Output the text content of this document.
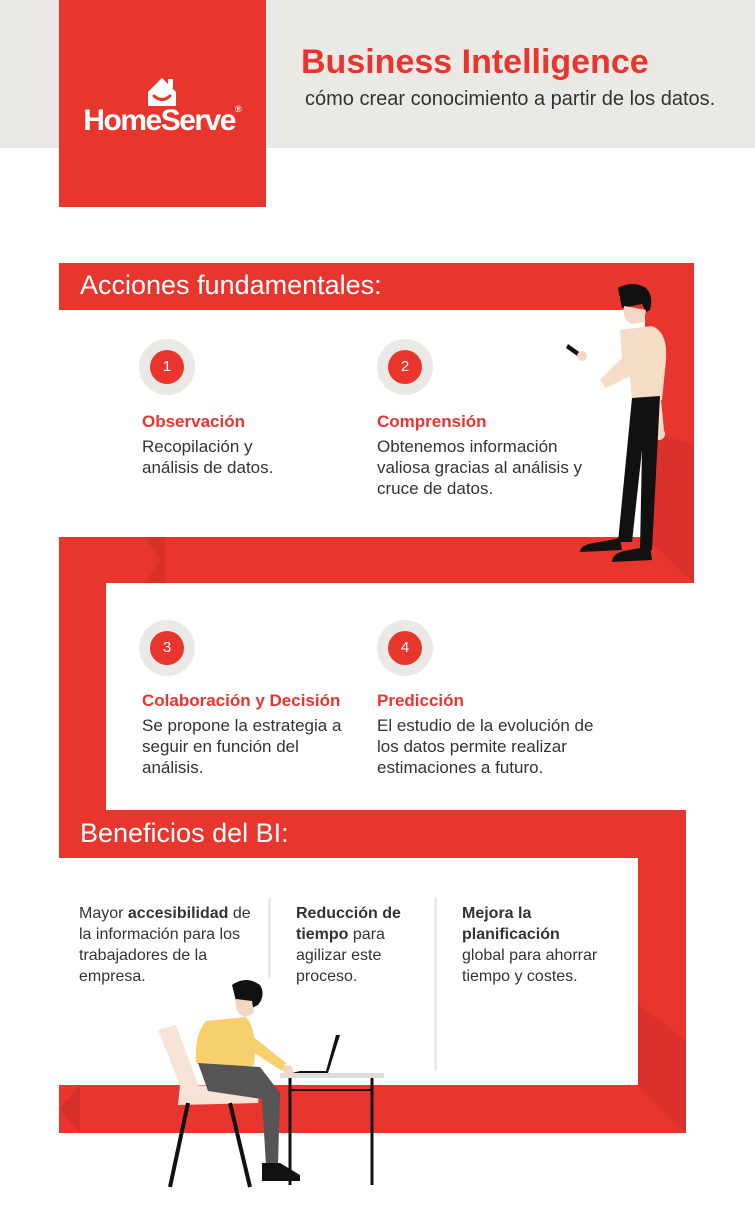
HomeServe®
Business Intelligence
cómo crear conocimiento a partir de los datos.
Acciones fundamentales:
1
Observación
Recopilación y análisis de datos.
2
Comprensión
Obtenemos información valiosa gracias al análisis y cruce de datos.
3
Colaboración y Decisión
Se propone la estrategia a seguir en función del análisis.
4
Predicción
El estudio de la evolución de los datos permite realizar estimaciones a futuro.
Beneficios del BI:
Mayor accesibilidad de la información para los trabajadores de la empresa.
Reducción de tiempo para agilizar este proceso.
Mejora la planificación global para ahorrar tiempo y costes.
